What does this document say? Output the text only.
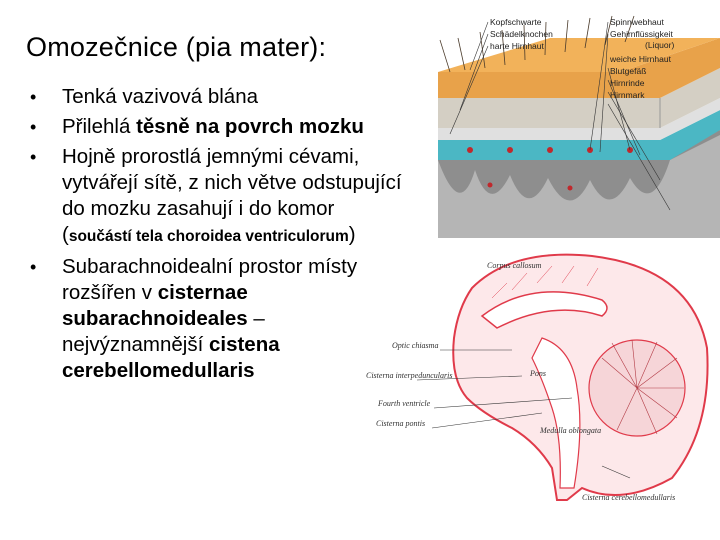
Omozečnice (pia mater):
• Tenká vazivová blána
• Přilehlá těsně na povrch mozku
• Hojně prorostlá jemnými cévami, vytvářejí sítě, z nich větve odstupující do mozku zasahují i do komor (součástí tela choroidea ventriculorum)
• Subarachnoidealní prostor místy rozšířen v cisternae subarachnoideales – nejvýznamnější cistena cerebellomedullaris
Kopfschwarte
Schädelknochen
harte Hirnhaut
Spinnwebhaut
Gehirnflüssigkeit
(Liquor)
weiche Hirnhaut
Blutgefäß
Hirnrinde
Hirnmark
Corpus callosum
Optic chiasma
Cisterna interpeduncularis
Fourth ventricle
Cisterna pontis
Pons
Medulla oblongata
Cisterna cerebellomedullaris
